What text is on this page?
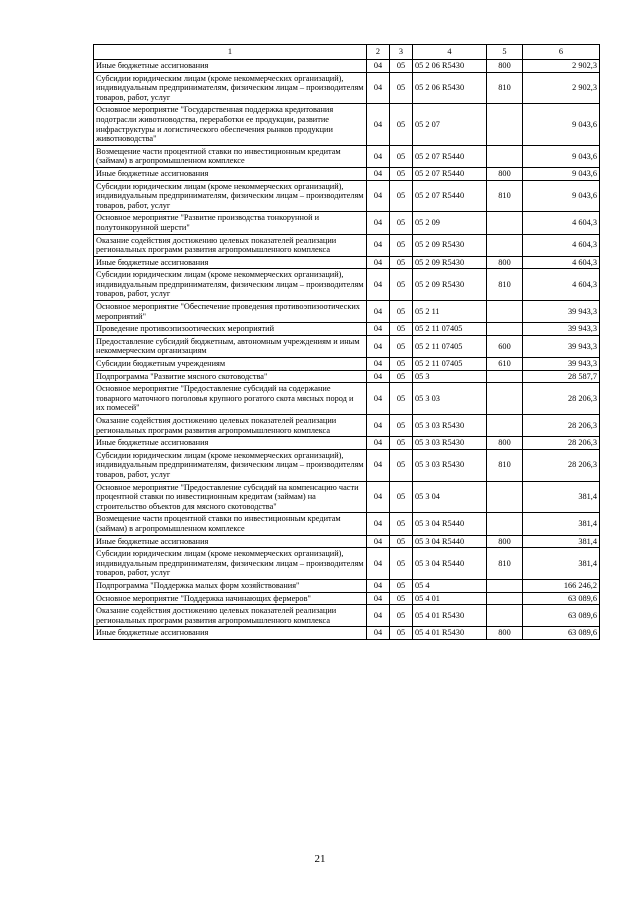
1	2	3	4	5	6
Иные бюджетные ассигнования	04	05	05 2 06 R5430	800	2 902,3
Субсидии юридическим лицам (кроме некоммерческих организаций), индивидуальным предпринимателям, физическим лицам – производителям товаров, работ, услуг	04	05	05 2 06 R5430	810	2 902,3
Основное мероприятие "Государственная поддержка кредитования подотрасли животноводства, переработки ее продукции, развитие инфраструктуры и логистического обеспечения рынков продукции животноводства"	04	05	05 2 07		9 043,6
Возмещение части процентной ставки по инвестиционным кредитам (займам) в агропромышленном комплексе	04	05	05 2 07 R5440		9 043,6
Иные бюджетные ассигнования	04	05	05 2 07 R5440	800	9 043,6
Субсидии юридическим лицам (кроме некоммерческих организаций), индивидуальным предпринимателям, физическим лицам – производителям товаров, работ, услуг	04	05	05 2 07 R5440	810	9 043,6
Основное мероприятие "Развитие производства тонкорунной и полутонкорунной шерсти"	04	05	05 2 09		4 604,3
Оказание содействия достижению целевых показателей реализации региональных программ развития агропромышленного комплекса	04	05	05 2 09 R5430		4 604,3
Иные бюджетные ассигнования	04	05	05 2 09 R5430	800	4 604,3
Субсидии юридическим лицам (кроме некоммерческих организаций), индивидуальным предпринимателям, физическим лицам – производителям товаров, работ, услуг	04	05	05 2 09 R5430	810	4 604,3
Основное мероприятие "Обеспечение проведения противоэпизоотических мероприятий"	04	05	05 2 11		39 943,3
Проведение противоэпизоотических мероприятий	04	05	05 2 11 07405		39 943,3
Предоставление субсидий бюджетным, автономным учреждениям и иным некоммерческим организациям	04	05	05 2 11 07405	600	39 943,3
Субсидии бюджетным учреждениям	04	05	05 2 11 07405	610	39 943,3
Подпрограмма "Развитие мясного скотоводства"	04	05	05 3		28 587,7
Основное мероприятие "Предоставление субсидий на содержание товарного маточного поголовья крупного рогатого скота мясных пород и их помесей"	04	05	05 3 03		28 206,3
Оказание содействия достижению целевых показателей реализации региональных программ развития агропромышленного комплекса	04	05	05 3 03 R5430		28 206,3
Иные бюджетные ассигнования	04	05	05 3 03 R5430	800	28 206,3
Субсидии юридическим лицам (кроме некоммерческих организаций), индивидуальным предпринимателям, физическим лицам – производителям товаров, работ, услуг	04	05	05 3 03 R5430	810	28 206,3
Основное мероприятие "Предоставление субсидий на компенсацию части процентной ставки по инвестиционным кредитам (займам) на строительство объектов для мясного скотоводства"	04	05	05 3 04		381,4
Возмещение части процентной ставки по инвестиционным кредитам (займам) в агропромышленном комплексе	04	05	05 3 04 R5440		381,4
Иные бюджетные ассигнования	04	05	05 3 04 R5440	800	381,4
Субсидии юридическим лицам (кроме некоммерческих организаций), индивидуальным предпринимателям, физическим лицам – производителям товаров, работ, услуг	04	05	05 3 04 R5440	810	381,4
Подпрограмма "Поддержка малых форм хозяйствования"	04	05	05 4		166 246,2
Основное мероприятие "Поддержка начинающих фермеров"	04	05	05 4 01		63 089,6
Оказание содействия достижению целевых показателей реализации региональных программ развития агропромышленного комплекса	04	05	05 4 01 R5430		63 089,6
Иные бюджетные ассигнования	04	05	05 4 01 R5430	800	63 089,6
21
